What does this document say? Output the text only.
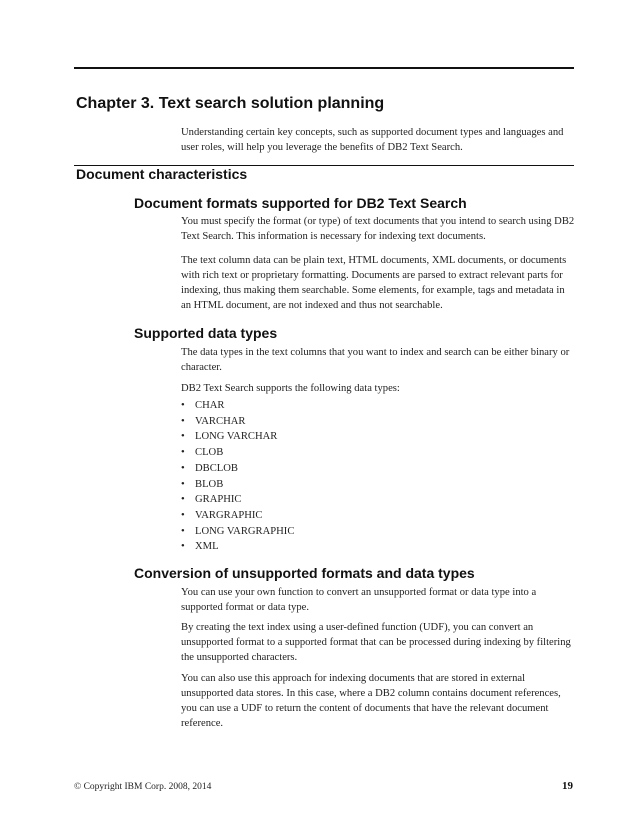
Chapter 3. Text search solution planning

Understanding certain key concepts, such as supported document types and languages and user roles, will help you leverage the benefits of DB2 Text Search.

Document characteristics
Document formats supported for DB2 Text Search

You must specify the format (or type) of text documents that you intend to search using DB2 Text Search. This information is necessary for indexing text documents.

The text column data can be plain text, HTML documents, XML documents, or documents with rich text or proprietary formatting. Documents are parsed to extract relevant parts for indexing, thus making them searchable. Some elements, for example, tags and metadata in an HTML document, are not indexed and thus not searchable.

Supported data types

The data types in the text columns that you want to index and search can be either binary or character.

DB2 Text Search supports the following data types:

• CHAR
• VARCHAR
• LONG VARCHAR
• CLOB
• DBCLOB
• BLOB
• GRAPHIC
• VARGRAPHIC
• LONG VARGRAPHIC
• XML
Conversion of unsupported formats and data types

You can use your own function to convert an unsupported format or data type into a supported format or data type.

By creating the text index using a user-defined function (UDF), you can convert an unsupported format to a supported format that can be processed during indexing by filtering the unsupported characters.

You can also use this approach for indexing documents that are stored in external unsupported data stores. In this case, where a DB2 column contains document references, you can use a UDF to return the content of documents that have the relevant document reference.

© Copyright IBM Corp. 2008, 2014	19
